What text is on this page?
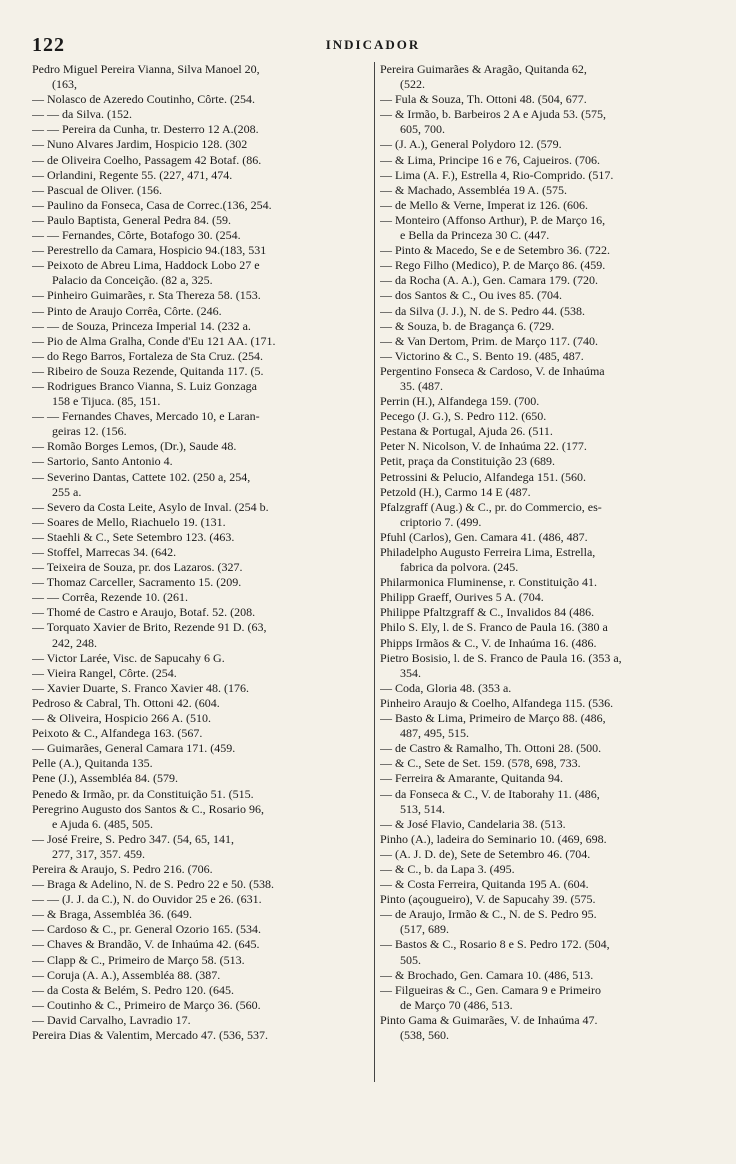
122	INDICADOR
Pedro Miguel Pereira Vianna, Silva Manoel 20,
(163,
— Nolasco de Azeredo Coutinho, Côrte. (254.
— — da Silva. (152.
— — Pereira da Cunha, tr. Desterro 12 A.(208.
— Nuno Alvares Jardim, Hospicio 128. (302
— de Oliveira Coelho, Passagem 42 Botaf. (86.
— Orlandini, Regente 55. (227, 471, 474.
— Pascual de Oliver. (156.
— Paulino da Fonseca, Casa de Correc.(136, 254.
— Paulo Baptista, General Pedra 84. (59.
— — Fernandes, Côrte, Botafogo 30. (254.
— Perestrello da Camara, Hospicio 94.(183, 531
— Peixoto de Abreu Lima, Haddock Lobo 27 e
Palacio da Conceição. (82 a, 325.
— Pinheiro Guimarães, r. Sta Thereza 58. (153.
— Pinto de Araujo Corrêa, Côrte. (246.
— — de Souza, Princeza Imperial 14. (232 a.
— Pio de Alma Gralha, Conde d'Eu 121 AA. (171.
— do Rego Barros, Fortaleza de Sta Cruz. (254.
— Ribeiro de Souza Rezende, Quitanda 117. (5.
— Rodrigues Branco Vianna, S. Luiz Gonzaga
158 e Tijuca. (85, 151.
— — Fernandes Chaves, Mercado 10, e Laran-
geiras 12. (156.
— Romão Borges Lemos, (Dr.), Saude 48.
— Sartorio, Santo Antonio 4.
— Severino Dantas, Cattete 102. (250 a, 254,
255 a.
— Severo da Costa Leite, Asylo de Inval. (254 b.
— Soares de Mello, Riachuelo 19. (131.
— Staehli & C., Sete Setembro 123. (463.
— Stoffel, Marrecas 34. (642.
— Teixeira de Souza, pr. dos Lazaros. (327.
— Thomaz Carceller, Sacramento 15. (209.
— — Corrêa, Rezende 10. (261.
— Thomé de Castro e Araujo, Botaf. 52. (208.
— Torquato Xavier de Brito, Rezende 91 D. (63,
242, 248.
— Victor Larée, Visc. de Sapucahy 6 G.
— Vieira Rangel, Côrte. (254.
— Xavier Duarte, S. Franco Xavier 48. (176.
Pedroso & Cabral, Th. Ottoni 42. (604.
— & Oliveira, Hospicio 266 A. (510.
Peixoto & C., Alfandega 163. (567.
— Guimarães, General Camara 171. (459.
Pelle (A.), Quitanda 135.
Pene (J.), Assembléa 84. (579.
Penedo & Irmão, pr. da Constituição 51. (515.
Peregrino Augusto dos Santos & C., Rosario 96,
e Ajuda 6. (485, 505.
— José Freire, S. Pedro 347. (54, 65, 141,
277, 317, 357. 459.
Pereira & Araujo, S. Pedro 216. (706.
— Braga & Adelino, N. de S. Pedro 22 e 50. (538.
— — (J. J. da C.), N. do Ouvidor 25 e 26. (631.
— & Braga, Assembléa 36. (649.
— Cardoso & C., pr. General Ozorio 165. (534.
— Chaves & Brandão, V. de Inhaúma 42. (645.
— Clapp & C., Primeiro de Março 58. (513.
— Coruja (A. A.), Assembléa 88. (387.
— da Costa & Belém, S. Pedro 120. (645.
— Coutinho & C., Primeiro de Março 36. (560.
— David Carvalho, Lavradio 17.
Pereira Dias & Valentim, Mercado 47. (536, 537.
Pereira Guimarães & Aragão, Quitanda 62,
(522.
— Fula & Souza, Th. Ottoni 48. (504, 677.
— & Irmão, b. Barbeiros 2 A e Ajuda 53. (575,
605, 700.
— (J. A.), General Polydoro 12. (579.
— & Lima, Principe 16 e 76, Cajueiros. (706.
— Lima (A. F.), Estrella 4, Rio-Comprido. (517.
— & Machado, Assembléa 19 A. (575.
— de Mello & Verne, Imperat iz 126. (606.
— Monteiro (Affonso Arthur), P. de Março 16,
e Bella da Princeza 30 C. (447.
— Pinto & Macedo, Se e de Setembro 36. (722.
— Rego Filho (Medico), P. de Março 86. (459.
— da Rocha (A. A.), Gen. Camara 179. (720.
— dos Santos & C., Ou ives 85. (704.
— da Silva (J. J.), N. de S. Pedro 44. (538.
— & Souza, b. de Bragança 6. (729.
— & Van Dertom, Prim. de Março 117. (740.
— Victorino & C., S. Bento 19. (485, 487.
Pergentino Fonseca & Cardoso, V. de Inhaúma
35. (487.
Perrin (H.), Alfandega 159. (700.
Pecego (J. G.), S. Pedro 112. (650.
Pestana & Portugal, Ajuda 26. (511.
Peter N. Nicolson, V. de Inhaúma 22. (177.
Petit, praça da Constituição 23 (689.
Petrossini & Pelucio, Alfandega 151. (560.
Petzold (H.), Carmo 14 E (487.
Pfalzgraff (Aug.) & C., pr. do Commercio, es-
criptorio 7. (499.
Pfuhl (Carlos), Gen. Camara 41. (486, 487.
Philadelpho Augusto Ferreira Lima, Estrella,
fabrica da polvora. (245.
Philarmonica Fluminense, r. Constituição 41.
Philipp Graeff, Ourives 5 A. (704.
Philippe Pfaltzgraff & C., Invalidos 84 (486.
Philo S. Ely, l. de S. Franco de Paula 16. (380 a
Phipps Irmãos & C., V. de Inhaúma 16. (486.
Pietro Bosisio, l. de S. Franco de Paula 16. (353 a,
354.
— Coda, Gloria 48. (353 a.
Pinheiro Araujo & Coelho, Alfandega 115. (536.
— Basto & Lima, Primeiro de Março 88. (486,
487, 495, 515.
— de Castro & Ramalho, Th. Ottoni 28. (500.
— & C., Sete de Set. 159. (578, 698, 733.
— Ferreira & Amarante, Quitanda 94.
— da Fonseca & C., V. de Itaborahy 11. (486,
513, 514.
— & José Flavio, Candelaria 38. (513.
Pinho (A.), ladeira do Seminario 10. (469, 698.
— (A. J. D. de), Sete de Setembro 46. (704.
— & C., b. da Lapa 3. (495.
— & Costa Ferreira, Quitanda 195 A. (604.
Pinto (açougueiro), V. de Sapucahy 39. (575.
— de Araujo, Irmão & C., N. de S. Pedro 95.
(517, 689.
— Bastos & C., Rosario 8 e S. Pedro 172. (504,
505.
— & Brochado, Gen. Camara 10. (486, 513.
— Filgueiras & C., Gen. Camara 9 e Primeiro
de Março 70 (486, 513.
Pinto Gama & Guimarães, V. de Inhaúma 47.
(538, 560.
